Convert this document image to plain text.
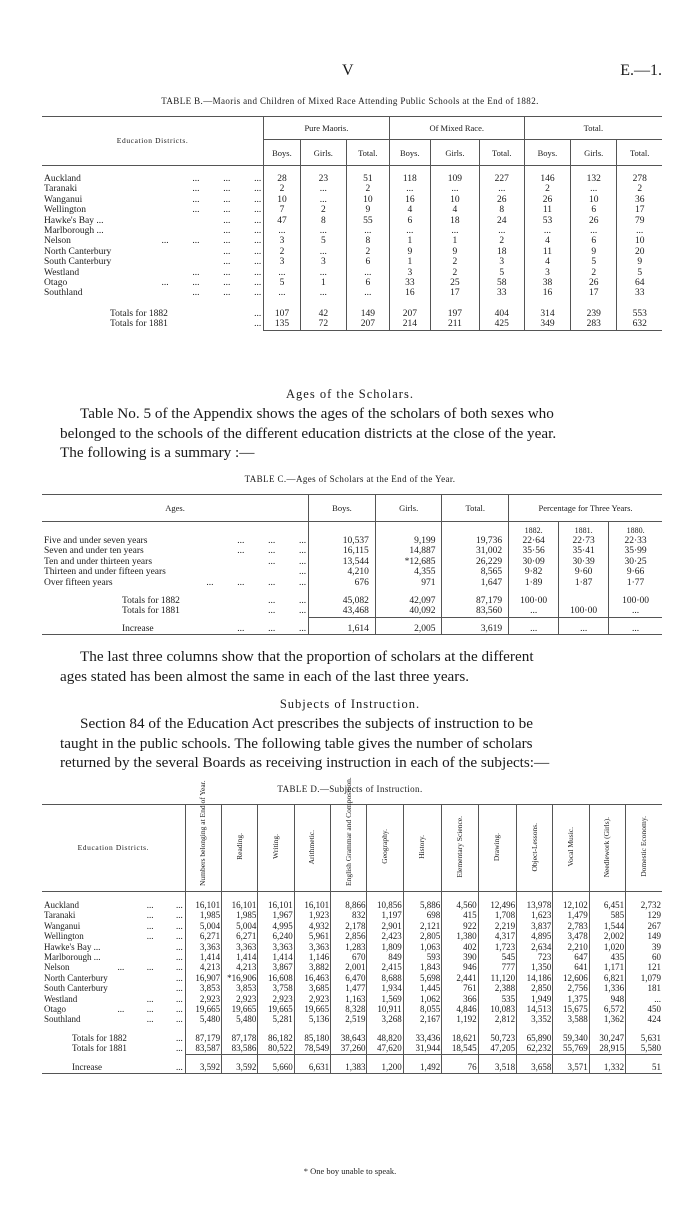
V	E.—1.
TABLE B.—Maoris and Children of Mixed Race Attending Public Schools at the End of 1882.
Education Districts.	Pure Maoris.			Of Mixed Race.			Total.		
	Boys.	Girls.	Total.	Boys.	Girls.	Total.	Boys.	Girls.	Total.

Auckland ...          ...          ...	28	23	51	118	109	227	146	132	278
Taranaki ...          ...          ...	2	...	2	...	...	...	2	...	2
Wanganui ...          ...          ...	10	...	10	16	10	26	26	10	36
Wellington ...          ...          ...	7	2	9	4	4	8	11	6	17
Hawke's Bay ... ...          ...	47	8	55	6	18	24	53	26	79
Marlborough ... ...          ...	...	...	...	...	...	...	...	...	...
Nelson ...          ...          ...          ...	3	5	8	1	1	2	4	6	10
North Canterbury ...          ...	2	...	2	9	9	18	11	9	20
South Canterbury ...          ...	3	3	6	1	2	3	4	5	9
Westland ...          ...          ...	...	...	...	3	2	5	3	2	5
Otago ...          ...          ...          ...	5	1	6	33	25	58	38	26	64
Southland ...          ...          ...	...	...	...	16	17	33	16	17	33

Totals for 1882 ...	107	42	149	207	197	404	314	239	553
Totals for 1881 ...	135	72	207	214	211	425	349	283	632
Ages of the Scholars.
Table No. 5 of the Appendix shows the ages of the scholars of both sexes who
belonged to the schools of the different education districts at the close of the year.
The following is a summary :—
TABLE C.—Ages of Scholars at the End of the Year.
Ages.	Boys.	Girls.	Total.	Percentage for Three Years.		
				1882.	1881.	1880.
Five and under seven years ...          ...          ...	10,537	9,199	19,736	22·64	22·73	22·33
Seven and under ten years ...          ...          ...	16,115	14,887	31,002	35·56	35·41	35·99
Ten and under thirteen years ...          ...	13,544	*12,685	26,229	30·09	30·39	30·25
Thirteen and under fifteen years ...	4,210	4,355	8,565	9·82	9·60	9·66
Over fifteen years ...          ...          ...          ...	676	971	1,647	1·89	1·87	1·77

Totals for 1882 ...          ...	45,082	42,097	87,179	100·00		100·00
Totals for 1881 ...          ...	43,468	40,092	83,560	...	100·00	...

Increase ...          ...          ...	1,614	2,005	3,619	...	...	...
The last three columns show that the proportion of scholars at the different
ages stated has been almost the same in each of the last three years.
Subjects of Instruction.
Section 84 of the Education Act prescribes the subjects of instruction to be
taught in the public schools. The following table gives the number of scholars
returned by the several Boards as receiving instruction in each of the subjects:—
TABLE D.—Subjects of Instruction.
Education Districts.	Numbers belonging at End of Year.	Reading.	Writing.	Arithmetic.	English Grammar and Composition.	Geography.	History.	Elementary Science.	Drawing.	Object-Lessons.	Vocal Music.	Needlework (Girls).	Domestic Economy.

Auckland ...          ...	16,101	16,101	16,101	16,101	8,866	10,856	5,886	4,560	12,496	13,978	12,102	6,451	2,732
Taranaki ...          ...	1,985	1,985	1,967	1,923	832	1,197	698	415	1,708	1,623	1,479	585	129
Wanganui ...          ...	5,004	5,004	4,995	4,932	2,178	2,901	2,121	922	2,219	3,837	2,783	1,544	267
Wellington ...          ...	6,271	6,271	6,240	5,961	2,856	2,423	2,805	1,380	4,317	4,895	3,478	2,002	149
Hawke's Bay ... ...	3,363	3,363	3,363	3,363	1,283	1,809	1,063	402	1,723	2,634	2,210	1,020	39
Marlborough ... ...	1,414	1,414	1,414	1,146	670	849	593	390	545	723	647	435	60
Nelson ...          ...          ...	4,213	4,213	3,867	3,882	2,001	2,415	1,843	946	777	1,350	641	1,171	121
North Canterbury ...	16,907	*16,906	16,608	16,463	6,470	8,688	5,698	2,441	11,120	14,186	12,606	6,821	1,079
South Canterbury ...	3,853	3,853	3,758	3,685	1,477	1,934	1,445	761	2,388	2,850	2,756	1,336	181
Westland ...          ...	2,923	2,923	2,923	2,923	1,163	1,569	1,062	366	535	1,949	1,375	948	...
Otago ...          ...          ...	19,665	19,665	19,665	19,665	8,328	10,911	8,055	4,846	10,083	14,513	15,675	6,572	450
Southland ...          ...	5,480	5,480	5,281	5,136	2,519	3,268	2,167	1,192	2,812	3,352	3,588	1,362	424

Totals for 1882 ...	87,179	87,178	86,182	85,180	38,643	48,820	33,436	18,621	50,723	65,890	59,340	30,247	5,631
Totals for 1881 ...	83,587	83,586	80,522	78,549	37,260	47,620	31,944	18,545	47,205	62,232	55,769	28,915	5,580

Increase ...	3,592	3,592	5,660	6,631	1,383	1,200	1,492	76	3,518	3,658	3,571	1,332	51
* One boy unable to speak.
